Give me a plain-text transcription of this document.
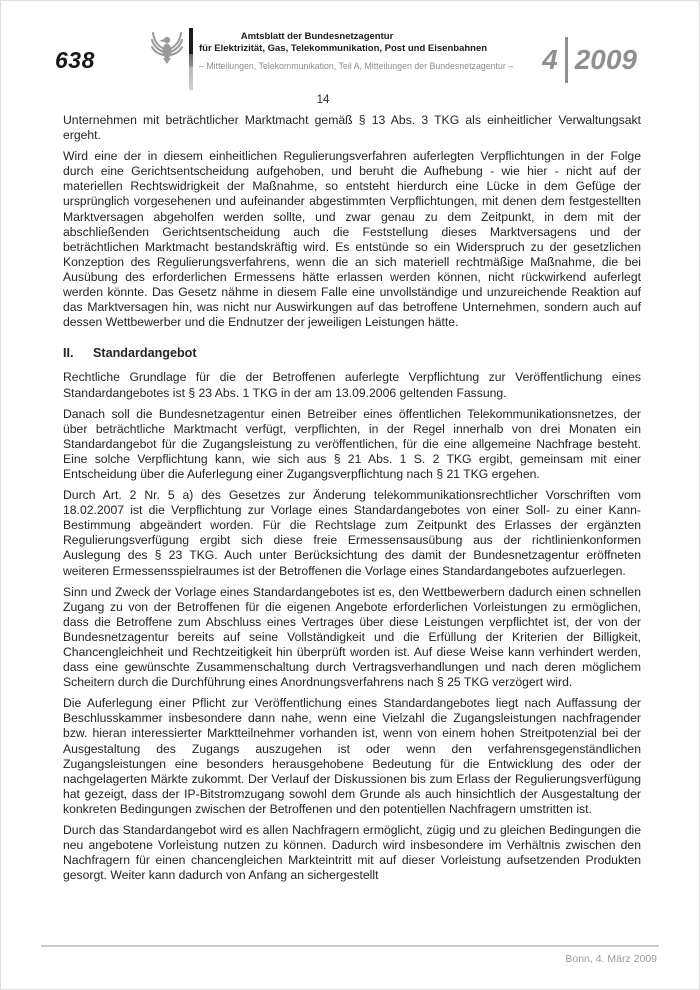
638
Amtsblatt der Bundesnetzagentur
für Elektrizität, Gas, Telekommunikation, Post und Eisenbahnen
– Mitteilungen, Telekommunikation, Teil A, Mitteilungen der Bundesnetzagentur – 4 2009
14

Unternehmen mit beträchtlicher Marktmacht gemäß § 13 Abs. 3 TKG als einheitlicher Verwaltungsakt ergeht.

Wird eine der in diesem einheitlichen Regulierungsverfahren auferlegten Verpflichtungen in der Folge durch eine Gerichtsentscheidung aufgehoben, und beruht die Aufhebung - wie hier - nicht auf der materiellen Rechtswidrigkeit der Maßnahme, so entsteht hierdurch eine Lücke in dem Gefüge der ursprünglich vorgesehenen und aufeinander abgestimmten Verpflichtungen, mit denen dem festgestellten Marktversagen abgeholfen werden sollte, und zwar genau zu dem Zeitpunkt, in dem mit der abschließenden Gerichtsentscheidung auch die Feststellung dieses Marktversagens und der beträchtlichen Marktmacht bestandskräftig wird. Es entstünde so ein Widerspruch zu der gesetzlichen Konzeption des Regulierungsverfahrens, wenn die an sich materiell rechtmäßige Maßnahme, die bei Ausübung des erforderlichen Ermessens hätte erlassen werden können, nicht rückwirkend auferlegt werden könnte. Das Gesetz nähme in diesem Falle eine unvollständige und unzureichende Reaktion auf das Marktversagen hin, was nicht nur Auswirkungen auf das betroffene Unternehmen, sondern auch auf dessen Wettbewerber und die Endnutzer der jeweiligen Leistungen hätte.

II.	Standardangebot

Rechtliche Grundlage für die der Betroffenen auferlegte Verpflichtung zur Veröffentlichung eines Standardangebotes ist § 23 Abs. 1 TKG in der am 13.09.2006 geltenden Fassung.

Danach soll die Bundesnetzagentur einen Betreiber eines öffentlichen Telekommunikationsnetzes, der über beträchtliche Marktmacht verfügt, verpflichten, in der Regel innerhalb von drei Monaten ein Standardangebot für die Zugangsleistung zu veröffentlichen, für die eine allgemeine Nachfrage besteht. Eine solche Verpflichtung kann, wie sich aus § 21 Abs. 1 S. 2 TKG ergibt, gemeinsam mit einer Entscheidung über die Auferlegung einer Zugangsverpflichtung nach § 21 TKG ergehen.

Durch Art. 2 Nr. 5 a) des Gesetzes zur Änderung telekommunikationsrechtlicher Vorschriften vom 18.02.2007 ist die Verpflichtung zur Vorlage eines Standardangebotes von einer Soll- zu einer Kann-Bestimmung abgeändert worden. Für die Rechtslage zum Zeitpunkt des Erlasses der ergänzten Regulierungsverfügung ergibt sich diese freie Ermessensausübung aus der richtlinienkonformen Auslegung des § 23 TKG. Auch unter Berücksichtung des damit der Bundesnetzagentur eröffneten weiteren Ermessensspielraumes ist der Betroffenen die Vorlage eines Standardangebotes aufzuerlegen.

Sinn und Zweck der Vorlage eines Standardangebotes ist es, den Wettbewerbern dadurch einen schnellen Zugang zu von der Betroffenen für die eigenen Angebote erforderlichen Vorleistungen zu ermöglichen, dass die Betroffene zum Abschluss eines Vertrages über diese Leistungen verpflichtet ist, der von der Bundesnetzagentur bereits auf seine Vollständigkeit und die Erfüllung der Kriterien der Billigkeit, Chancengleichheit und Rechtzeitigkeit hin überprüft worden ist. Auf diese Weise kann verhindert werden, dass eine gewünschte Zusammenschaltung durch Vertragsverhandlungen und nach deren möglichem Scheitern durch die Durchführung eines Anordnungsverfahrens nach § 25 TKG verzögert wird.

Die Auferlegung einer Pflicht zur Veröffentlichung eines Standardangebotes liegt nach Auffassung der Beschlusskammer insbesondere dann nahe, wenn eine Vielzahl die Zugangsleistungen nachfragender bzw. hieran interessierter Marktteilnehmer vorhanden ist, wenn von einem hohen Streitpotenzial bei der Ausgestaltung des Zugangs auszugehen ist oder wenn den verfahrensgegenständlichen Zugangsleistungen eine besonders herausgehobene Bedeutung für die Entwicklung des oder der nachgelagerten Märkte zukommt. Der Verlauf der Diskussionen bis zum Erlass der Regulierungsverfügung hat gezeigt, dass der IP-Bitstromzugang sowohl dem Grunde als auch hinsichtlich der Ausgestaltung der konkreten Bedingungen zwischen der Betroffenen und den potentiellen Nachfragern umstritten ist.

Durch das Standardangebot wird es allen Nachfragern ermöglicht, zügig und zu gleichen Bedingungen die neu angebotene Vorleistung nutzen zu können. Dadurch wird insbesondere im Verhältnis zwischen den Nachfragern für einen chancengleichen Markteintritt mit auf dieser Vorleistung aufsetzenden Produkten gesorgt. Weiter kann dadurch von Anfang an sichergestellt

Bonn, 4. März 2009
